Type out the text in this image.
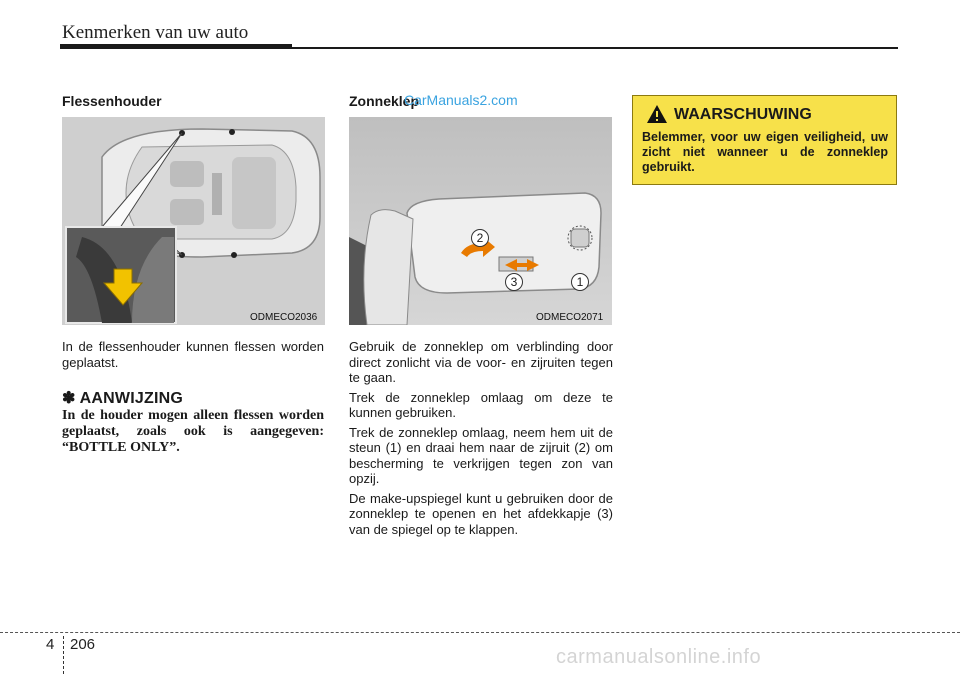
Kenmerken van uw auto
Flessenhouder
ODMECO2036

In de flessenhouder kunnen flessen worden geplaatst.

✽ AANWIJZING
In de houder mogen alleen flessen worden geplaatst, zoals ook is aangegeven: “BOTTLE ONLY”.
Zonneklep
CarManuals2.com
2
3	1
ODMECO2071

Gebruik de zonneklep om verblinding door direct zonlicht via de voor- en zijruiten tegen te gaan.

Trek de zonneklep omlaag om deze te kunnen gebruiken.

Trek de zonneklep omlaag, neem hem uit de steun (1) en draai hem naar de zijruit (2) om bescherming te verkrijgen tegen zon van opzij.

De make-upspiegel kunt u gebruiken door de zonneklep te openen en het afdekkapje (3) van de spiegel op te klappen.

WAARSCHUWING
Belemmer, voor uw eigen veiligheid, uw zicht niet wanneer u de zonneklep gebruikt.
4 206
carmanualsonline.info
